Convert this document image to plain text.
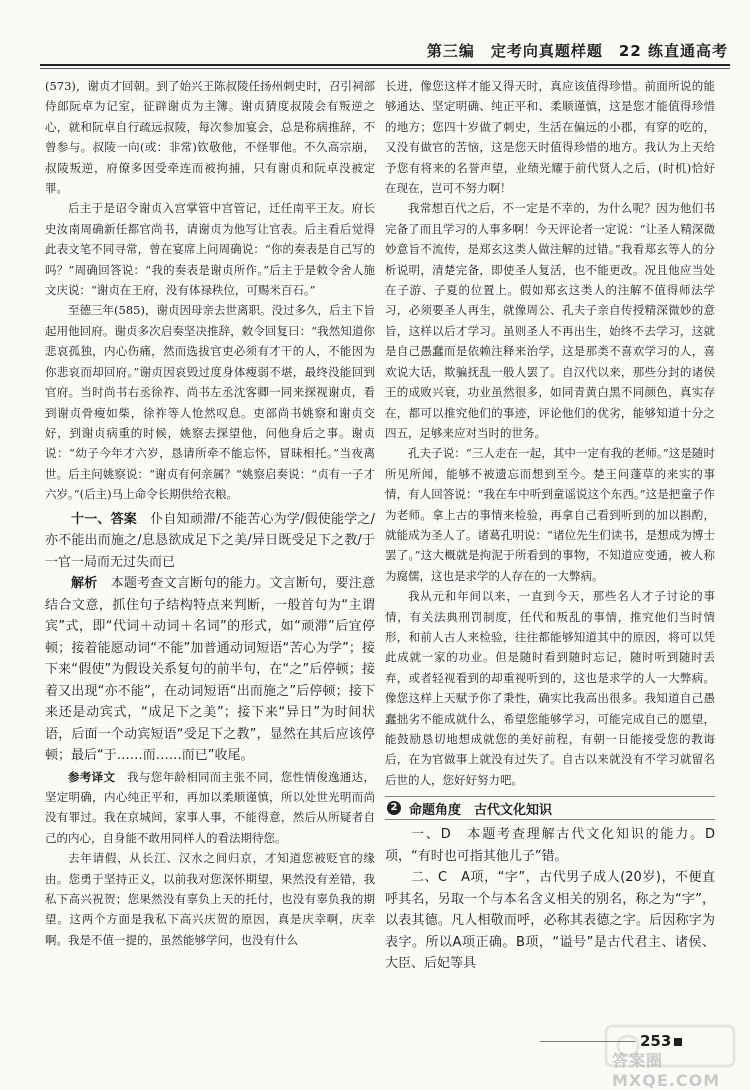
第三编　定考向真题样题　22 练直通高考

(573)，谢贞才回朝。到了始兴王陈叔陵任扬州刺史时，召引祠部侍郎阮卓为记室，征辟谢贞为主簿。谢贞猜度叔陵会有叛逆之心，就和阮卓自行疏远叔陵，每次参加宴会，总是称病推辞，不曾参与。叔陵一向(或：非常)钦敬他，不怪罪他。不久高宗崩，叔陵叛逆，府僚多因受牵连而被拘捕，只有谢贞和阮卓没被定罪。

后主于是诏令谢贞入宫掌管中宫管记，迁任南平王友。府长史汝南周确新任都官尚书，请谢贞为他写让官表。后主看后觉得此表文笔不同寻常，曾在宴席上问周确说：“你的奏表是自己写的吗？”周确回答说：“我的奏表是谢贞所作。”后主于是敕令舍人施文庆说：“谢贞在王府，没有体禄秩位，可赐米百石。”

至德三年(585)，谢贞因母亲去世离职。没过多久，后主下旨起用他回府。谢贞多次启奏坚决推辞，敕令回复曰：“我然知道你悲哀孤独，内心伤痛，然而选拔官吏必须有才干的人，不能因为你悲哀而却回府。”谢贞因哀毁过度身体瘦弱不堪，最终没能回到官府。当时尚书右丞徐祚、尚书左丞沈客卿一同来探视谢贞，看到谢贞骨瘦如柴，徐祚等人怆然叹息。吏部尚书姚察和谢贞交好，到谢贞病重的时候，姚察去探望他，问他身后之事。谢贞说：“幼子今年才六岁，恳请所牵不能忘怀，冒昧相托。”当夜离世。后主问姚察说：“谢贞有何亲属？”姚察启奏说：“贞有一子才六岁。”(后主)马上命令长期供给衣粮。

十一、答案　 仆自知顽滞/不能苦心为学/假使能学之/亦不能出而施之/息恳欲成足下之美/异日既受足下之教/于一官一局而无过失而已

解析　 本题考查文言断句的能力。文言断句，要注意结合文意，抓住句子结构特点来判断，一般首句为“主谓宾”式，即“代词＋动词＋名词”的形式，如“顽滞”后宜停顿；接着能愿动词“不能”加普通动词短语“苦心为学”；接下来“假使”为假设关系复句的前半句，在“之”后停顿；接着又出现“亦不能”，在动词短语“出而施之”后停顿；接下来还是动宾式，“成足下之美”；接下来“异日”为时间状语，后面一个动宾短语“受足下之教”，显然在其后应该停顿；最后“于……而……而已”收尾。

参考译文　 我与您年龄相同而主张不同，您性情俊逸通达，坚定明确，内心纯正平和，再加以柔顺谨慎，所以处世光明而尚没有罪过。我在京城间，家事人事，不能得意，然后从所疑者自己的内心，自身能不敢用同样人的看法期待您。

去年请假，从长江、汉水之间归京，才知道您被贬官的缘由。您勇于坚持正义，以前我对您深怀期望，果然没有差错，我私下高兴祝贺；您果然没有辜负上天的托付，也没有辜负我的期望。这两个方面是我私下高兴庆贺的原因，真是庆幸啊，庆幸啊。我是不值一提的，虽然能够学问，也没有什么

长进，像您这样才能又得天时，真应该值得珍惜。前面所说的能够通达、坚定明确、纯正平和、柔顺谨慎，这是您才能值得珍惜的地方；您四十岁做了刺史，生活在偏远的小郡，有穿的吃的，又没有做官的苦恼，这是您天时值得珍惜的地方。我认为上天给予您有将来的名誉声望，业绩光耀于前代贤人之后，(时机)恰好在现在，岂可不努力啊！

我常想百代之后，不一定是不幸的，为什么呢？因为他们书完备了而且学习的人事多啊！今天评论者一定说：“让圣人精深微妙意旨不流传，是郑玄这类人做注解的过错。”我看郑玄等人的分析说明，清楚完备，即使圣人复活，也不能更改。况且他应当处在子游、子夏的位置上。假如郑玄这类人的注解不值得师法学习，必须要圣人再生，就像周公、孔夫子亲自传授精深微妙的意旨，这样以后才学习。虽则圣人不再出生，始终不去学习，这就是自己愚蠢而是依赖注释来治学，这是那类不喜欢学习的人，喜欢说大话，欺骗抚乱一般人罢了。自汉代以来，那些分封的诸侯王的成败兴衰，功业虽然很多，如同青黄白黑不同颜色，真实存在，都可以推究他们的事迹，评论他们的优劣，能够知道十分之四五，足够来应对当时的世务。

孔夫子说：“三人走在一起，其中一定有我的老师。”这是随时所见所闻，能够不被遗忘而想到至今。楚王问蓬草的来实的事情，有人回答说：“我在车中听到童谣说这个东西。”这是把童子作为老师。拿上古的事情来检验，再拿自己看到听到的加以斟酌，就能成为圣人了。诸葛孔明说：“诸位先生们读书，是想成为博士罢了。”这大概就是拘泥于所看到的事物，不知道应变通，被人称为腐儒，这也是求学的人存在的一大弊病。

我从元和年间以来，一直到今天，那些名人才子讨论的事情，有关法典刑罚制度，任代和叛乱的事情，推究他们当时情形，和前人古人来检验，往往都能够知道其中的原因，将可以凭此成就一家的功业。但是随时看到随时忘记，随时听到随时丢弃，或者轻视看到的却重视听到的，这也是求学的人一大弊病。像您这样上天赋予你了秉性，确实比我高出很多。我知道自己愚蠢拙劣不能成就什么，希望您能够学习，可能完成自己的愿望，能鼓励恳切地想成就您的美好前程，有朝一日能接受您的教诲后，在为官做事上就没有过失了。自古以来就没有不学习就留名后世的人，您好好努力吧。

2 命题角度　古代文化知识

一、D　本题考查理解古代文化知识的能力。D项，“有时也可指其他儿子”错。

二、C　A项，“字”，古代男子成人(20岁)，不便直呼其名，另取一个与本名含义相关的别名，称之为“字”，以表其德。凡人相敬而呼，必称其表德之字。后因称字为表字。所以A项正确。B项，“谥号”是古代君主、诸侯、大臣、后妃等具

253
答案圈 MXQE.COM
